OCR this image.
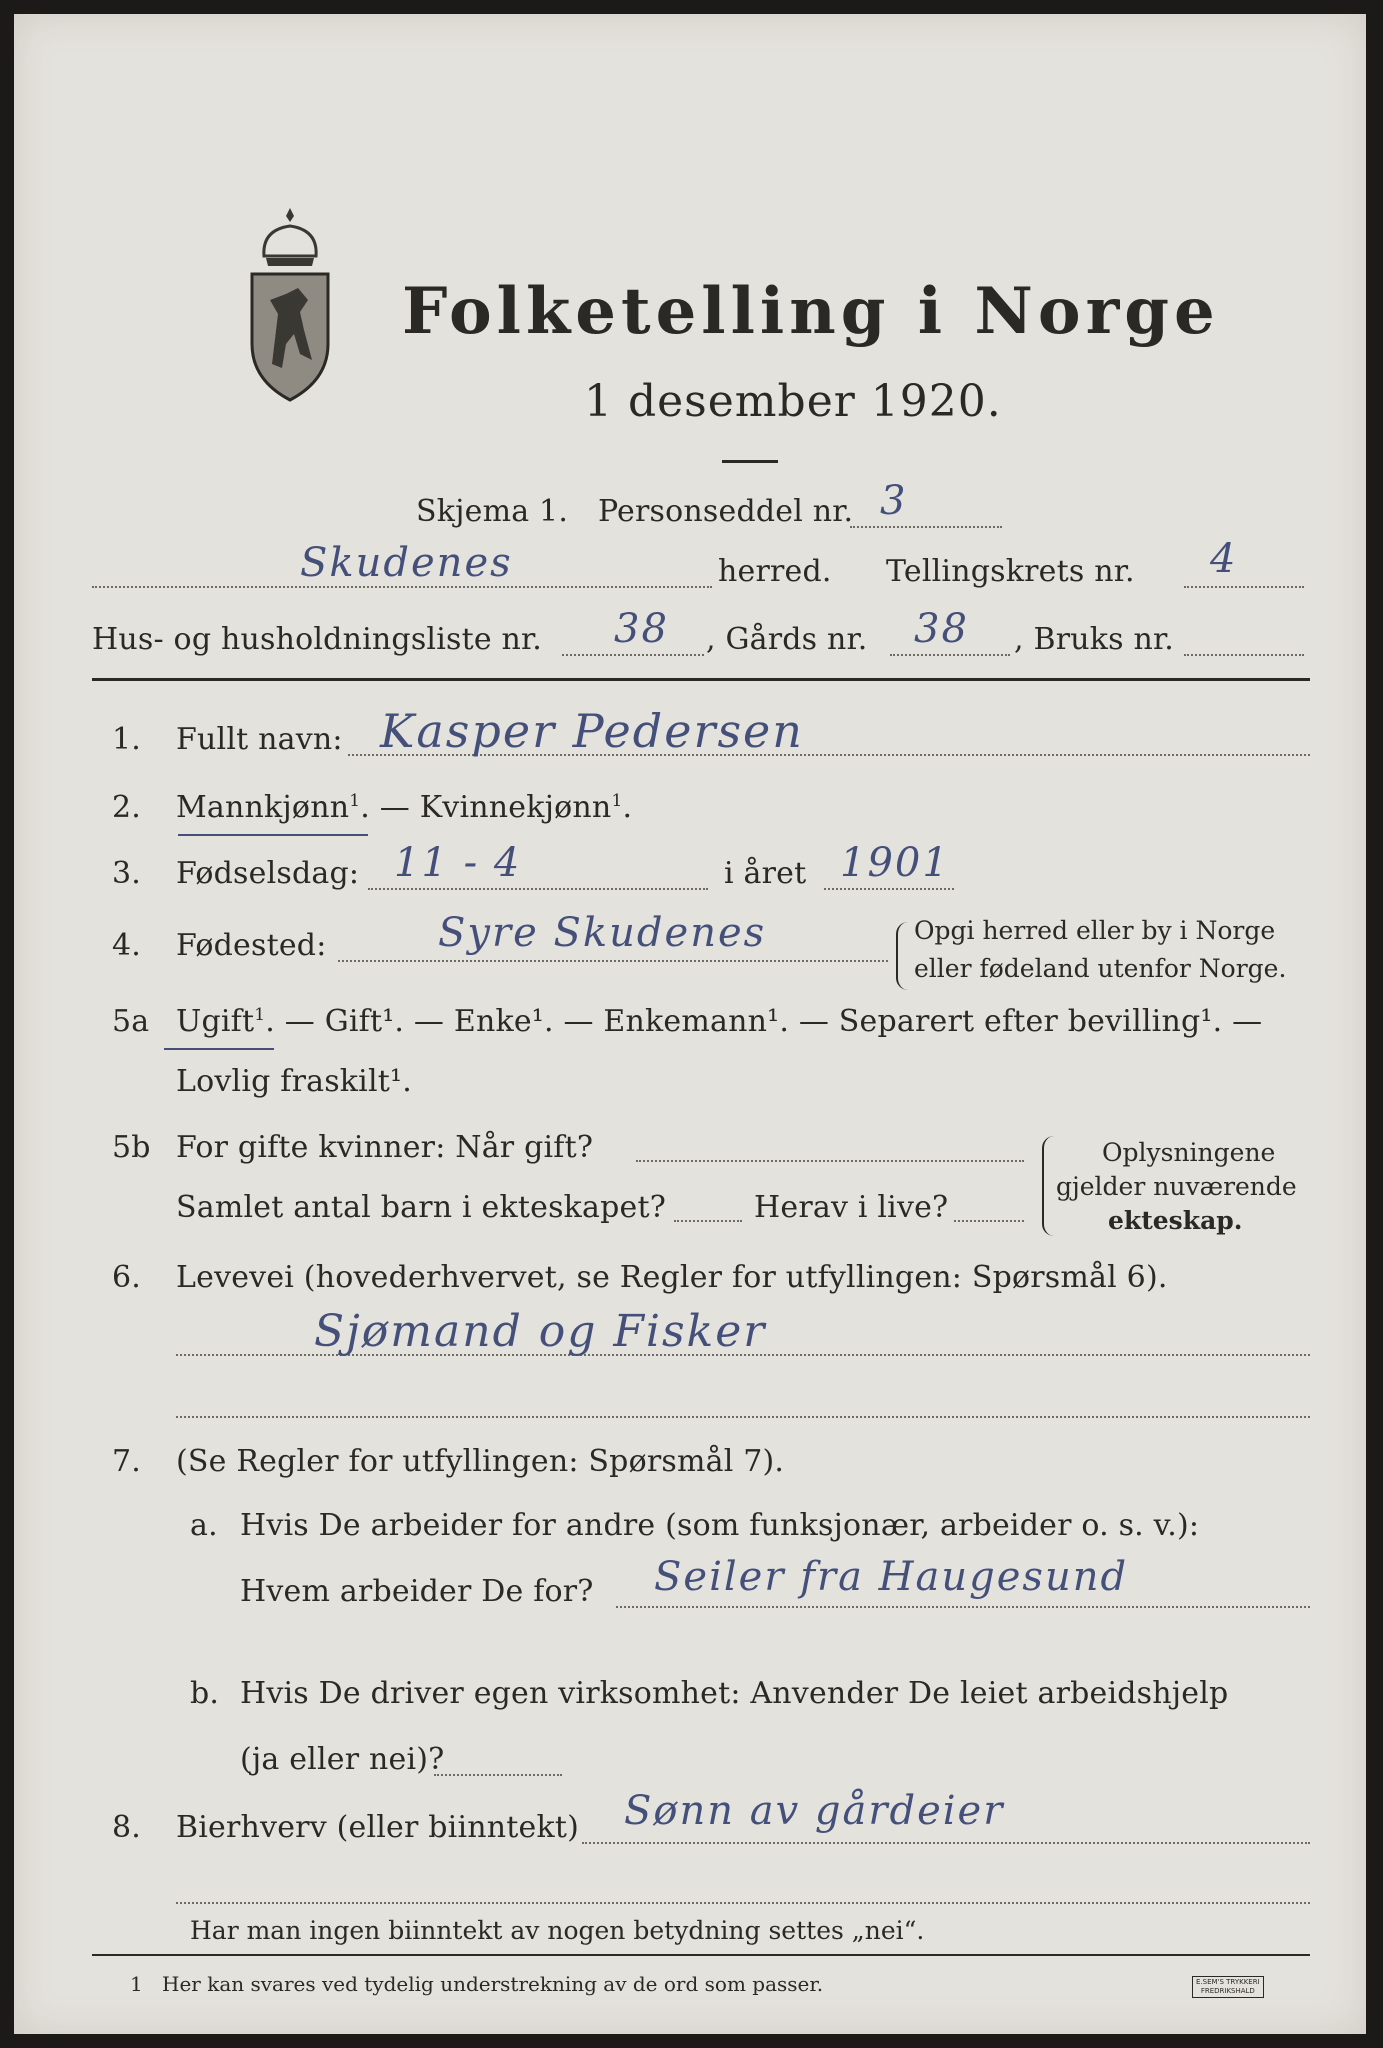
Folketelling i Norge
1 desember 1920.
Skjema 1. Personseddel nr. 3
Skudenes	herred. Tellingskrets nr. 4
Hus- og husholdningsliste nr. 38 , Gårds nr. 38 , Bruks nr.
1. Fullt navn: Kasper Pedersen
2. Mannkjønn$^1$. — Kvinnekjønn$^1$.
3. Fødselsdag: 11 - 4	i året 1901
4. Fødested:	Syre Skudenes	Opgi herred eller by i Norge
eller fødeland utenfor Norge.
5a Ugift$^1$. — Gift¹. — Enke¹. — Enkemann¹. — Separert efter bevilling¹. —
Lovlig fraskilt¹.
5b For gifte kvinner: Når gift?
Samlet antal barn i ekteskapet?	Herav i live?
Oplysningene
gjelder nuværende
ekteskap.
6. Levevei (hovederhvervet, se Regler for utfyllingen: Spørsmål 6).
Sjømand og Fisker
7. (Se Regler for utfyllingen: Spørsmål 7).
a. Hvis De arbeider for andre (som funksjonær, arbeider o. s. v.):
Hvem arbeider De for? Seiler fra Haugesund
b. Hvis De driver egen virksomhet: Anvender De leiet arbeidshjelp
(ja eller nei)?
8. Bierhverv (eller biinntekt) Sønn av gårdeier
Har man ingen biinntekt av nogen betydning settes „nei“.
1 Her kan svares ved tydelig understrekning av de ord som passer.	E.SEM'S TRYKKERI
FREDRIKSHALD
